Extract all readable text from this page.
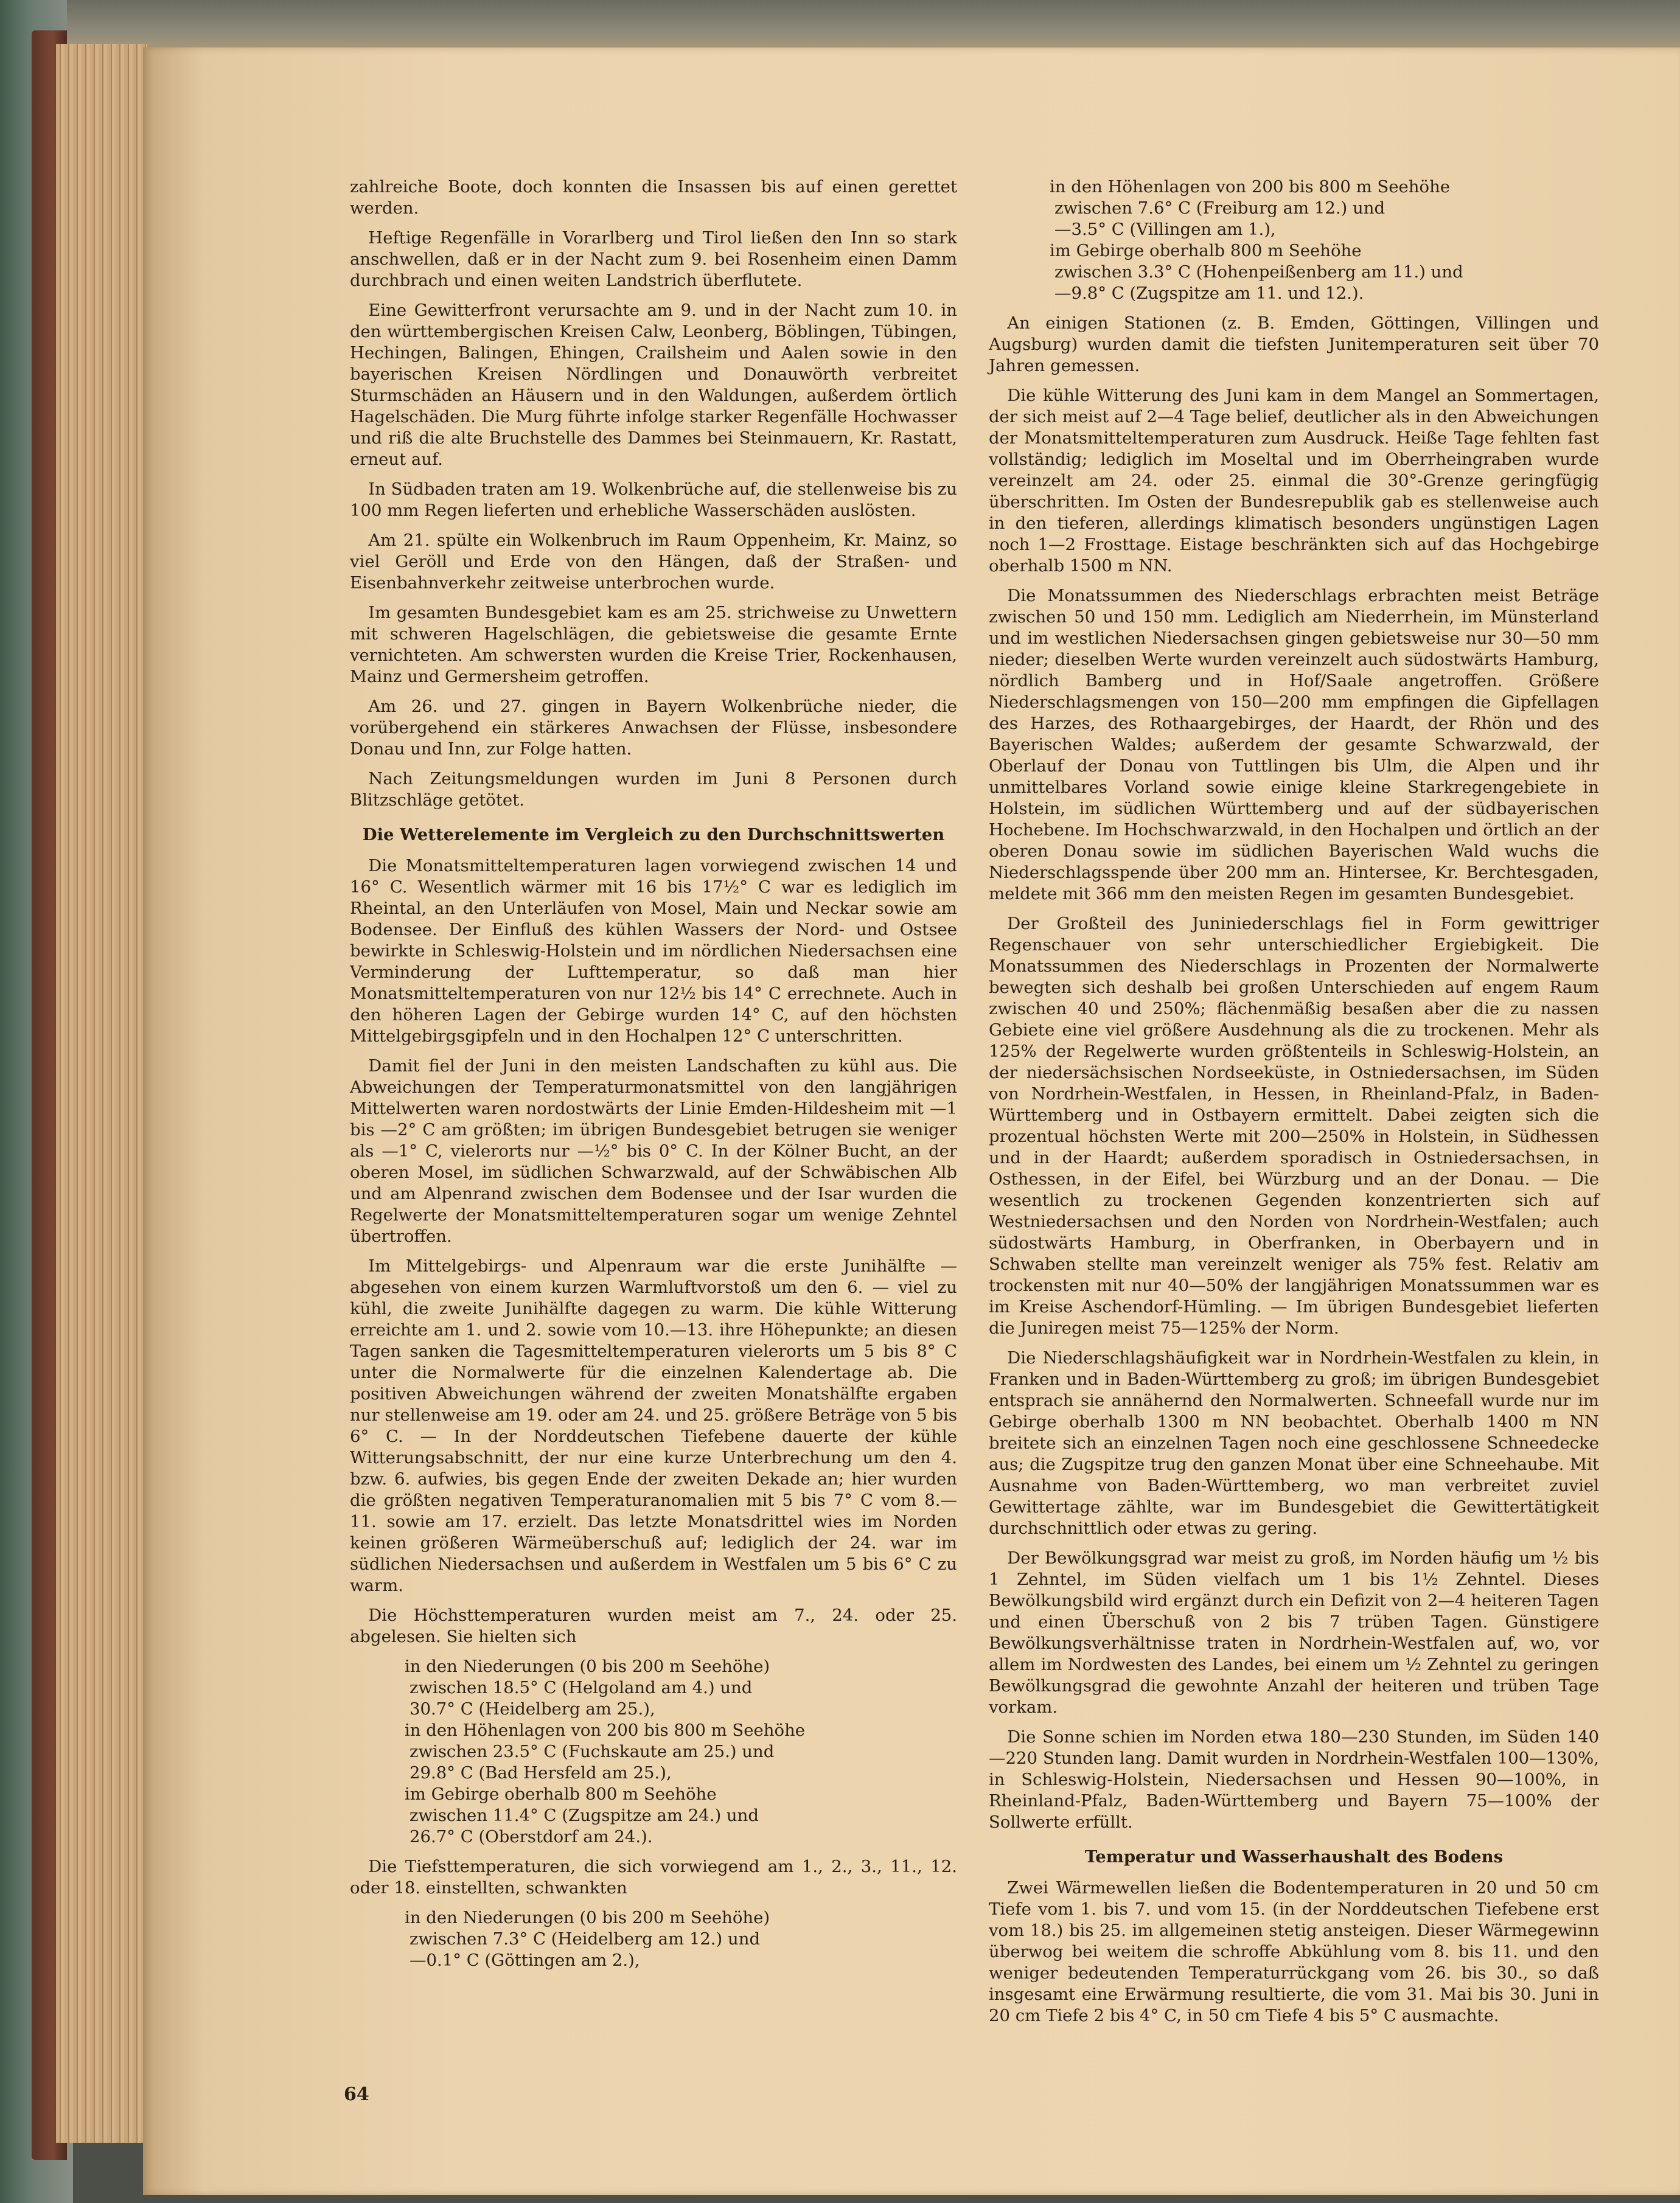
zahlreiche Boote, doch konnten die Insassen bis auf einen gerettet werden.

Heftige Regenfälle in Vorarlberg und Tirol ließen den Inn so stark anschwellen, daß er in der Nacht zum 9. bei Rosenheim einen Damm durchbrach und einen weiten Landstrich überflutete.

Eine Gewitterfront verursachte am 9. und in der Nacht zum 10. in den württembergischen Kreisen Calw, Leonberg, Böblingen, Tübingen, Hechingen, Balingen, Ehingen, Crailsheim und Aalen sowie in den bayerischen Kreisen Nördlingen und Donauwörth verbreitet Sturmschäden an Häusern und in den Waldungen, außerdem örtlich Hagelschäden. Die Murg führte infolge starker Regenfälle Hochwasser und riß die alte Bruchstelle des Dammes bei Steinmauern, Kr. Rastatt, erneut auf.

In Südbaden traten am 19. Wolkenbrüche auf, die stellenweise bis zu 100 mm Regen lieferten und erhebliche Wasserschäden auslösten.

Am 21. spülte ein Wolkenbruch im Raum Oppenheim, Kr. Mainz, so viel Geröll und Erde von den Hängen, daß der Straßen- und Eisenbahnverkehr zeitweise unterbrochen wurde.

Im gesamten Bundesgebiet kam es am 25. strichweise zu Unwettern mit schweren Hagelschlägen, die gebietsweise die gesamte Ernte vernichteten. Am schwersten wurden die Kreise Trier, Rockenhausen, Mainz und Germersheim getroffen.

Am 26. und 27. gingen in Bayern Wolkenbrüche nieder, die vorübergehend ein stärkeres Anwachsen der Flüsse, insbesondere Donau und Inn, zur Folge hatten.

Nach Zeitungsmeldungen wurden im Juni 8 Personen durch Blitzschläge getötet.

Die Wetterelemente im Vergleich zu den Durchschnittswerten

Die Monatsmitteltemperaturen lagen vorwiegend zwischen 14 und 16° C. Wesentlich wärmer mit 16 bis 17½° C war es lediglich im Rheintal, an den Unterläufen von Mosel, Main und Neckar sowie am Bodensee. Der Einfluß des kühlen Wassers der Nord- und Ostsee bewirkte in Schleswig-Holstein und im nördlichen Niedersachsen eine Verminderung der Lufttemperatur, so daß man hier Monatsmitteltemperaturen von nur 12½ bis 14° C errechnete. Auch in den höheren Lagen der Gebirge wurden 14° C, auf den höchsten Mittelgebirgsgipfeln und in den Hochalpen 12° C unterschritten.

Damit fiel der Juni in den meisten Landschaften zu kühl aus. Die Abweichungen der Temperaturmonatsmittel von den langjährigen Mittelwerten waren nordostwärts der Linie Emden-Hildesheim mit —1 bis —2° C am größten; im übrigen Bundesgebiet betrugen sie weniger als —1° C, vielerorts nur —½° bis 0° C. In der Kölner Bucht, an der oberen Mosel, im südlichen Schwarzwald, auf der Schwäbischen Alb und am Alpenrand zwischen dem Bodensee und der Isar wurden die Regelwerte der Monatsmitteltemperaturen sogar um wenige Zehntel übertroffen.

Im Mittelgebirgs- und Alpenraum war die erste Junihälfte — abgesehen von einem kurzen Warmluftvorstoß um den 6. — viel zu kühl, die zweite Junihälfte dagegen zu warm. Die kühle Witterung erreichte am 1. und 2. sowie vom 10.—13. ihre Höhepunkte; an diesen Tagen sanken die Tagesmitteltemperaturen vielerorts um 5 bis 8° C unter die Normalwerte für die einzelnen Kalendertage ab. Die positiven Abweichungen während der zweiten Monatshälfte ergaben nur stellenweise am 19. oder am 24. und 25. größere Beträge von 5 bis 6° C. — In der Norddeutschen Tiefebene dauerte der kühle Witterungsabschnitt, der nur eine kurze Unterbrechung um den 4. bzw. 6. aufwies, bis gegen Ende der zweiten Dekade an; hier wurden die größten negativen Temperaturanomalien mit 5 bis 7° C vom 8.—11. sowie am 17. erzielt. Das letzte Monatsdrittel wies im Norden keinen größeren Wärmeüberschuß auf; lediglich der 24. war im südlichen Niedersachsen und außerdem in Westfalen um 5 bis 6° C zu warm.

Die Höchsttemperaturen wurden meist am 7., 24. oder 25. abgelesen. Sie hielten sich

in den Niederungen (0 bis 200 m Seehöhe)
zwischen 18.5° C (Helgoland am 4.) und
30.7° C (Heidelberg am 25.),
in den Höhenlagen von 200 bis 800 m Seehöhe
zwischen 23.5° C (Fuchskaute am 25.) und
29.8° C (Bad Hersfeld am 25.),
im Gebirge oberhalb 800 m Seehöhe
zwischen 11.4° C (Zugspitze am 24.) und
26.7° C (Oberstdorf am 24.).

Die Tiefsttemperaturen, die sich vorwiegend am 1., 2., 3., 11., 12. oder 18. einstellten, schwankten

in den Niederungen (0 bis 200 m Seehöhe)
zwischen 7.3° C (Heidelberg am 12.) und
—0.1° C (Göttingen am 2.),
in den Höhenlagen von 200 bis 800 m Seehöhe
zwischen 7.6° C (Freiburg am 12.) und
—3.5° C (Villingen am 1.),
im Gebirge oberhalb 800 m Seehöhe
zwischen 3.3° C (Hohenpeißenberg am 11.) und
—9.8° C (Zugspitze am 11. und 12.).

An einigen Stationen (z. B. Emden, Göttingen, Villingen und Augsburg) wurden damit die tiefsten Junitemperaturen seit über 70 Jahren gemessen.

Die kühle Witterung des Juni kam in dem Mangel an Sommertagen, der sich meist auf 2—4 Tage belief, deutlicher als in den Abweichungen der Monatsmitteltemperaturen zum Ausdruck. Heiße Tage fehlten fast vollständig; lediglich im Moseltal und im Oberrheingraben wurde vereinzelt am 24. oder 25. einmal die 30°-Grenze geringfügig überschritten. Im Osten der Bundesrepublik gab es stellenweise auch in den tieferen, allerdings klimatisch besonders ungünstigen Lagen noch 1—2 Frosttage. Eistage beschränkten sich auf das Hochgebirge oberhalb 1500 m NN.

Die Monatssummen des Niederschlags erbrachten meist Beträge zwischen 50 und 150 mm. Lediglich am Niederrhein, im Münsterland und im westlichen Niedersachsen gingen gebietsweise nur 30—50 mm nieder; dieselben Werte wurden vereinzelt auch südostwärts Hamburg, nördlich Bamberg und in Hof/Saale angetroffen. Größere Niederschlagsmengen von 150—200 mm empfingen die Gipfellagen des Harzes, des Rothaargebirges, der Haardt, der Rhön und des Bayerischen Waldes; außerdem der gesamte Schwarzwald, der Oberlauf der Donau von Tuttlingen bis Ulm, die Alpen und ihr unmittelbares Vorland sowie einige kleine Starkregengebiete in Holstein, im südlichen Württemberg und auf der südbayerischen Hochebene. Im Hochschwarzwald, in den Hochalpen und örtlich an der oberen Donau sowie im südlichen Bayerischen Wald wuchs die Niederschlagsspende über 200 mm an. Hintersee, Kr. Berchtesgaden, meldete mit 366 mm den meisten Regen im gesamten Bundesgebiet.

Der Großteil des Juniniederschlags fiel in Form gewittriger Regenschauer von sehr unterschiedlicher Ergiebigkeit. Die Monatssummen des Niederschlags in Prozenten der Normalwerte bewegten sich deshalb bei großen Unterschieden auf engem Raum zwischen 40 und 250%; flächenmäßig besaßen aber die zu nassen Gebiete eine viel größere Ausdehnung als die zu trockenen. Mehr als 125% der Regelwerte wurden größtenteils in Schleswig-Holstein, an der niedersächsischen Nordseeküste, in Ostniedersachsen, im Süden von Nordrhein-Westfalen, in Hessen, in Rheinland-Pfalz, in Baden-Württemberg und in Ostbayern ermittelt. Dabei zeigten sich die prozentual höchsten Werte mit 200—250% in Holstein, in Südhessen und in der Haardt; außerdem sporadisch in Ostniedersachsen, in Osthessen, in der Eifel, bei Würzburg und an der Donau. — Die wesentlich zu trockenen Gegenden konzentrierten sich auf Westniedersachsen und den Norden von Nordrhein-Westfalen; auch südostwärts Hamburg, in Oberfranken, in Oberbayern und in Schwaben stellte man vereinzelt weniger als 75% fest. Relativ am trockensten mit nur 40—50% der langjährigen Monatssummen war es im Kreise Aschendorf-Hümling. — Im übrigen Bundesgebiet lieferten die Juniregen meist 75—125% der Norm.

Die Niederschlagshäufigkeit war in Nordrhein-Westfalen zu klein, in Franken und in Baden-Württemberg zu groß; im übrigen Bundesgebiet entsprach sie annähernd den Normalwerten. Schneefall wurde nur im Gebirge oberhalb 1300 m NN beobachtet. Oberhalb 1400 m NN breitete sich an einzelnen Tagen noch eine geschlossene Schneedecke aus; die Zugspitze trug den ganzen Monat über eine Schneehaube. Mit Ausnahme von Baden-Württemberg, wo man verbreitet zuviel Gewittertage zählte, war im Bundesgebiet die Gewittertätigkeit durchschnittlich oder etwas zu gering.

Der Bewölkungsgrad war meist zu groß, im Norden häufig um ½ bis 1 Zehntel, im Süden vielfach um 1 bis 1½ Zehntel. Dieses Bewölkungsbild wird ergänzt durch ein Defizit von 2—4 heiteren Tagen und einen Überschuß von 2 bis 7 trüben Tagen. Günstigere Bewölkungsverhältnisse traten in Nordrhein-Westfalen auf, wo, vor allem im Nordwesten des Landes, bei einem um ½ Zehntel zu geringen Bewölkungsgrad die gewohnte Anzahl der heiteren und trüben Tage vorkam.

Die Sonne schien im Norden etwa 180—230 Stunden, im Süden 140—220 Stunden lang. Damit wurden in Nordrhein-Westfalen 100—130%, in Schleswig-Holstein, Niedersachsen und Hessen 90—100%, in Rheinland-Pfalz, Baden-Württemberg und Bayern 75—100% der Sollwerte erfüllt.

Temperatur und Wasserhaushalt des Bodens

Zwei Wärmewellen ließen die Bodentemperaturen in 20 und 50 cm Tiefe vom 1. bis 7. und vom 15. (in der Norddeutschen Tiefebene erst vom 18.) bis 25. im allgemeinen stetig ansteigen. Dieser Wärmegewinn überwog bei weitem die schroffe Abkühlung vom 8. bis 11. und den weniger bedeutenden Temperaturrückgang vom 26. bis 30., so daß insgesamt eine Erwärmung resultierte, die vom 31. Mai bis 30. Juni in 20 cm Tiefe 2 bis 4° C, in 50 cm Tiefe 4 bis 5° C ausmachte.

64
